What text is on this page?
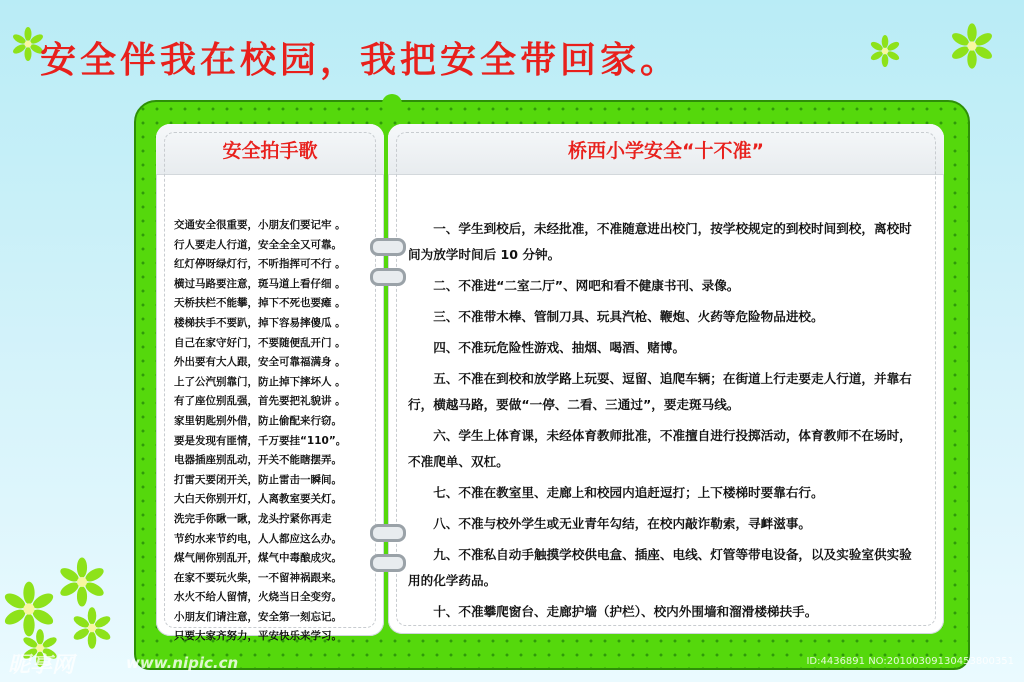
安全伴我在校园，我把安全带回家。
安全拍手歌
交通安全很重要，小朋友们要记牢 。
行人要走人行道，安全全全又可靠。
红灯停呀绿灯行，不听指挥可不行 。
横过马路要注意，斑马道上看仔细 。
天桥扶栏不能攀，掉下不死也要瘫 。
楼梯扶手不要趴，掉下容易摔傻瓜 。
自己在家守好门，不要随便乱开门 。
外出要有大人跟，安全可靠福满身 。
上了公汽别靠门，防止掉下摔坏人 。
有了座位别乱强，首先要把礼貌讲 。
家里钥匙别外借，防止偷配来行窃。
要是发现有匪情，千万要挂“110”。
电器插座别乱动，开关不能瞎摆弄。
打雷天要闭开关，防止雷击一瞬间。
大白天你别开灯，人离教室要关灯。
洗完手你瞅一瞅，龙头拧紧你再走
节约水来节约电，人人都应这么办。
煤气闸你别乱开，煤气中毒酿成灾。
在家不要玩火柴，一不留神祸跟来。
水火不给人留情，火烧当日全变穷。
小朋友们请注意，安全第一刻忘记。
只要大家齐努力，平安快乐来学习。
桥西小学安全“十不准”

一、学生到校后，未经批准，不准随意进出校门，按学校规定的到校时间到校，离校时间为放学时间后 10 分钟。

二、不准进“二室二厅”、网吧和看不健康书刊、录像。

三、不准带木棒、管制刀具、玩具汽枪、鞭炮、火药等危险物品进校。

四、不准玩危险性游戏、抽烟、喝酒、赌博。

五、不准在到校和放学路上玩耍、逗留、追爬车辆；在街道上行走要走人行道，并靠右行，横越马路，要做“一停、二看、三通过”，要走斑马线。

六、学生上体育课，未经体育教师批准，不准擅自进行投掷活动，体育教师不在场时，不准爬单、双杠。

七、不准在教室里、走廊上和校园内追赶逗打；上下楼梯时要靠右行。

八、不准与校外学生或无业青年勾结，在校内敲诈勒索，寻衅滋事。

九、不准私自动手触摸学校供电盒、插座、电线、灯管等带电设备，以及实验室供实验用的化学药品。

十、不准攀爬窗台、走廊护墙（护栏）、校内外围墙和溜滑楼梯扶手。

昵享网	www.nipic.cn	ID:4436891 NO:20100309130453800351
